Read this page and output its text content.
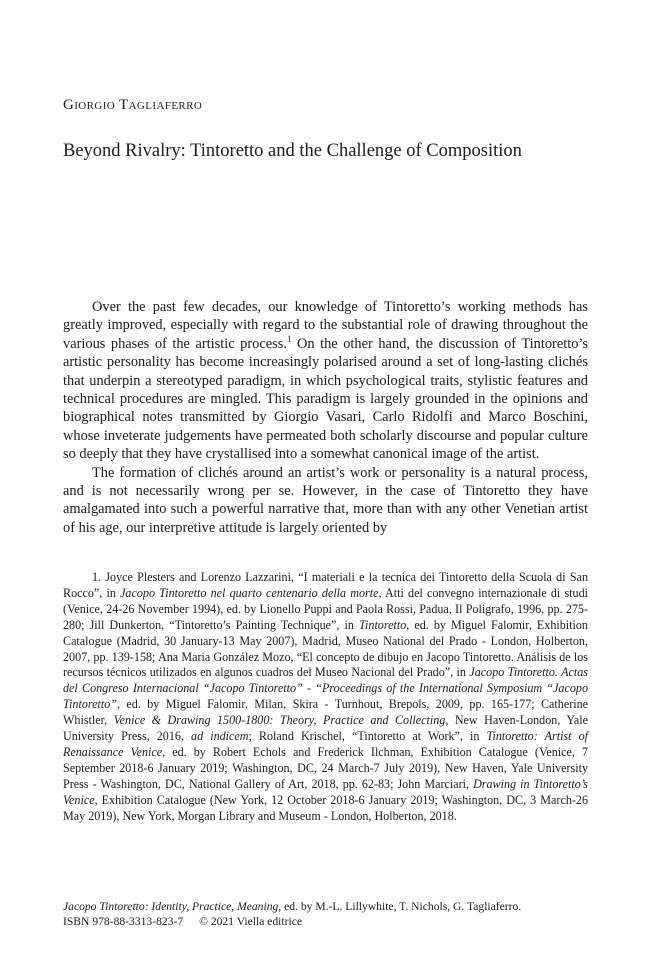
Giorgio Tagliaferro
Beyond Rivalry: Tintoretto and the Challenge of Composition

Over the past few decades, our knowledge of Tintoretto’s working methods has greatly improved, especially with regard to the substantial role of drawing throughout the various phases of the artistic process.$^1$ On the other hand, the discussion of Tintoretto’s artistic personality has become increasingly polarised around a set of long-lasting clichés that underpin a stereotyped paradigm, in which psychological traits, stylistic features and technical procedures are mingled. This paradigm is largely grounded in the opinions and biographical notes transmitted by Giorgio Vasari, Carlo Ridolfi and Marco Boschini, whose inveterate judgements have permeated both scholarly discourse and popular culture so deeply that they have crystallised into a somewhat canonical image of the artist.

The formation of clichés around an artist’s work or personality is a natural process, and is not necessarily wrong per se. However, in the case of Tintoretto they have amalgamated into such a powerful narrative that, more than with any other Venetian artist of his age, our interpretive attitude is largely oriented by

1. Joyce Plesters and Lorenzo Lazzarini, “I materiali e la tecnica dei Tintoretto della Scuola di San Rocco”, in Jacopo Tintoretto nel quarto centenario della morte, Atti del convegno internazionale di studi (Venice, 24-26 November 1994), ed. by Lionello Puppi and Paola Rossi, Padua, Il Poligrafo, 1996, pp. 275-280; Jill Dunkerton, “Tintoretto’s Painting Technique”, in Tintoretto, ed. by Miguel Falomir, Exhibition Catalogue (Madrid, 30 January-13 May 2007), Madrid, Museo National del Prado - London, Holberton, 2007, pp. 139-158; Ana Maria González Mozo, “El concepto de dibujo en Jacopo Tintoretto. Análisis de los recursos técnicos utilizados en algunos cuadros del Museo Nacional del Prado”, in Jacopo Tintoretto. Actas del Congreso Internacional “Jacopo Tintoretto” - “Proceedings of the International Symposium “Jacopo Tintoretto”, ed. by Miguel Falomir, Milan, Skira - Turnhout, Brepols, 2009, pp. 165-177; Catherine Whistler, Venice & Drawing 1500-1800: Theory, Practice and Collecting, New Haven-London, Yale University Press, 2016, ad indicem; Roland Krischel, “Tintoretto at Work”, in Tintoretto: Artist of Renaissance Venice, ed. by Robert Echols and Frederick Ilchman, Exhibition Catalogue (Venice, 7 September 2018-6 January 2019; Washington, DC, 24 March-7 July 2019), New Haven, Yale University Press - Washington, DC, National Gallery of Art, 2018, pp. 62-83; John Marciari, Drawing in Tintoretto’s Venice, Exhibition Catalogue (New York, 12 October 2018-6 January 2019; Washington, DC, 3 March-26 May 2019), New York, Morgan Library and Museum - London, Holberton, 2018.

Jacopo Tintoretto: Identity, Practice, Meaning, ed. by M.-L. Lillywhite, T. Nichols, G. Tagliaferro.
ISBN 978-88-3313-823-7 © 2021 Viella editrice
